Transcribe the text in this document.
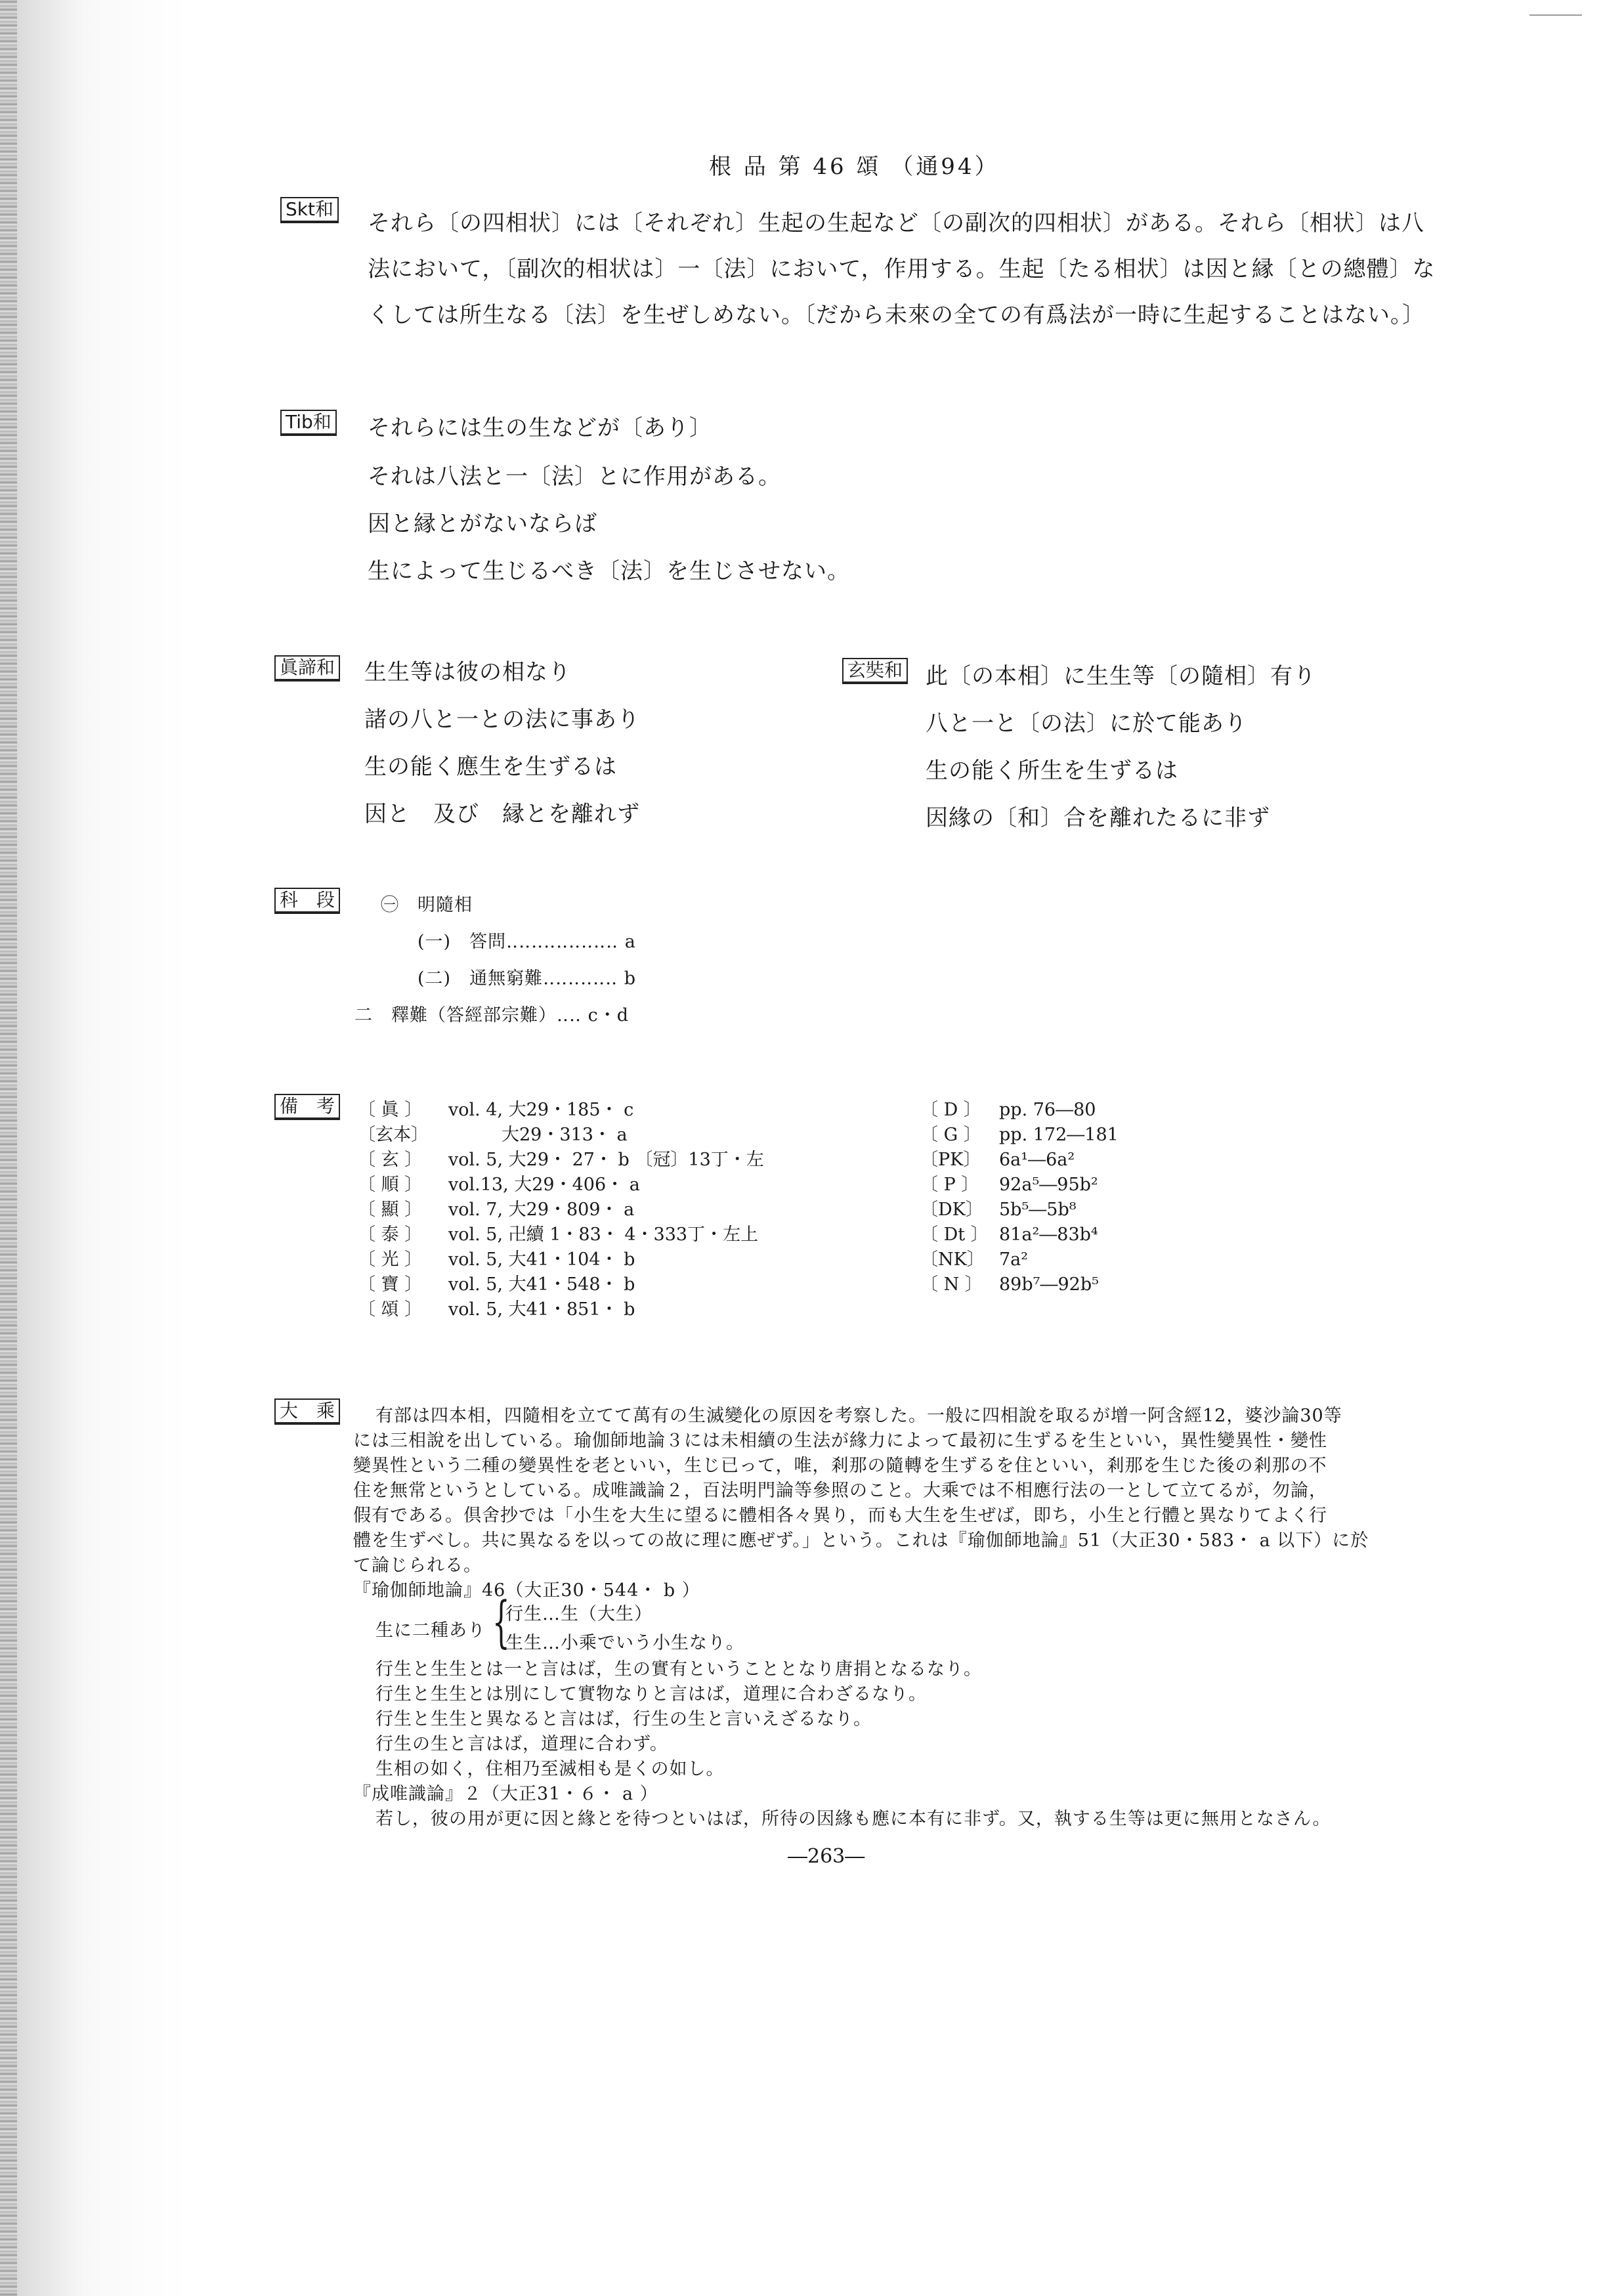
根 品 第 46 頌 （通94）
Skt和
それら〔の四相状〕には〔それぞれ〕生起の生起など〔の副次的四相状〕がある。それら〔相状〕は八
法において，〔副次的相状は〕一〔法〕において，作用する。生起〔たる相状〕は因と縁〔との總體〕な
くしては所生なる〔法〕を生ぜしめない。〔だから未來の全ての有爲法が一時に生起することはない。〕
Tib和 それらには生の生などが〔あり〕
それは八法と一〔法〕とに作用がある。
因と縁とがないならば
生によって生じるべき〔法〕を生じさせない。
眞諦和 生生等は彼の相なり
諸の八と一との法に事あり
生の能く應生を生ずるは
因と　及び　縁とを離れず
玄奘和 此〔の本相〕に生生等〔の隨相〕有り
八と一と〔の法〕に於て能あり
生の能く所生を生ずるは
因緣の〔和〕合を離れたるに非ず
科　段	㊀　明隨相
(一)　答問‥‥‥‥‥‥‥‥‥ a
(二)　通無窮難‥‥‥‥‥‥ b
二　釋難（答經部宗難）‥‥ c・d
備　考 〔 眞 〕 vol. 4, 大29・185・ c
〔玄本〕　　　大29・313・ a
〔 玄 〕 vol. 5, 大29・ 27・ b 〔冠〕13丁・左
〔 順 〕 vol.13, 大29・406・ a
〔 顯 〕 vol. 7, 大29・809・ a
〔 泰 〕 vol. 5, 卍續 1・83・ 4・333丁・左上
〔 光 〕 vol. 5, 大41・104・ b
〔 寶 〕 vol. 5, 大41・548・ b
〔 頌 〕 vol. 5, 大41・851・ b
〔 D 〕 pp. 76―80
〔 G 〕 pp. 172―181
〔PK〕 6a¹―6a²
〔 P 〕 92a⁵―95b²
〔DK〕 5b⁵―5b⁸
〔 Dt 〕 81a²―83b⁴
〔NK〕 7a²
〔 N 〕 89b⁷―92b⁵
大　乘 有部は四本相，四隨相を立てて萬有の生滅變化の原因を考察した。一般に四相說を取るが增一阿含經12，婆沙論30等
には三相說を出している。瑜伽師地論３には未相續の生法が緣力によって最初に生ずるを生といい，異性變異性・變性
變異性という二種の變異性を老といい，生じ已って，唯，剎那の隨轉を生ずるを住といい，剎那を生じた後の剎那の不
住を無常というとしている。成唯識論２，百法明門論等參照のこと。大乘では不相應行法の一として立てるが，勿論，
假有である。倶舍抄では「小生を大生に望るに體相各々異り，而も大生を生ぜば，即ち，小生と行體と異なりてよく行
體を生ずべし。共に異なるを以っての故に理に應ぜず。」という。これは『瑜伽師地論』51（大正30・583・ a 以下）に於
て論じられる。
『瑜伽師地論』46（大正30・544・ b ）
生に二種あり {
行生…生（大生）
生生…小乘でいう小生なり。
行生と生生とは一と言はば，生の實有ということとなり唐捐となるなり。
行生と生生とは別にして實物なりと言はば，道理に合わざるなり。
行生と生生と異なると言はば，行生の生と言いえざるなり。
行生の生と言はば，道理に合わず。
生相の如く，住相乃至滅相も是くの如し。
『成唯識論』２（大正31・６・ a ）
若し，彼の用が更に因と緣とを待つといはば，所待の因緣も應に本有に非ず。又，執する生等は更に無用となさん。
―263―
